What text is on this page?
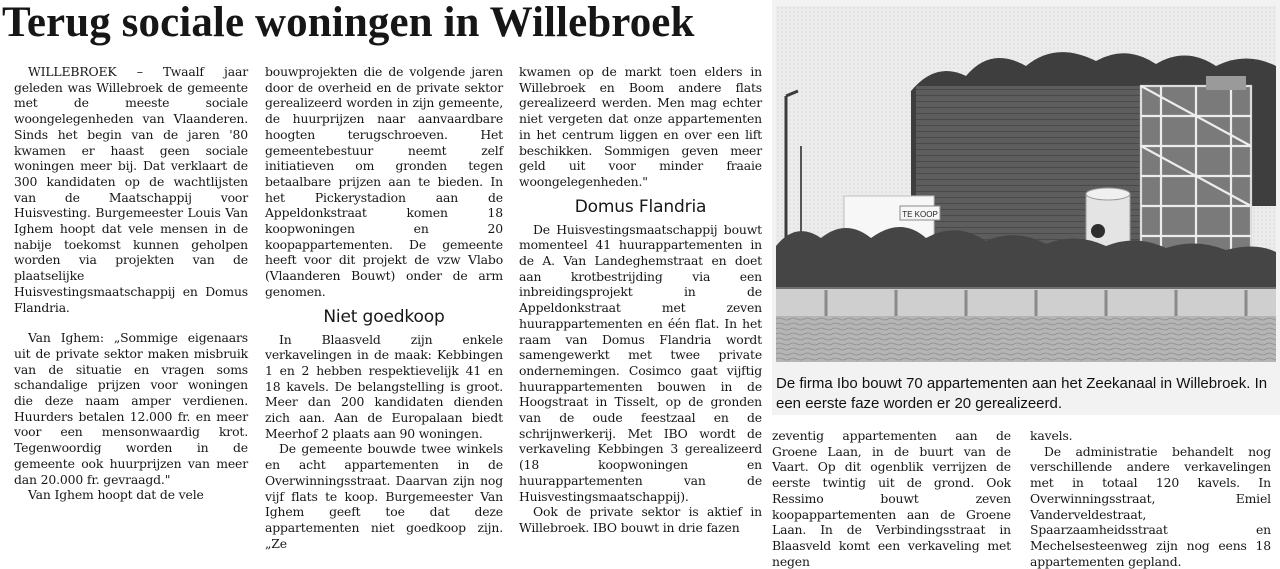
Terug sociale woningen in Willebroek

WILLEBROEK – Twaalf jaar geleden was Willebroek de gemeente met de meeste sociale woongelegenheden van Vlaanderen. Sinds het begin van de jaren '80 kwamen er haast geen sociale woningen meer bij. Dat verklaart de 300 kandidaten op de wachtlijsten van de Maatschappij voor Huisvesting. Burgemeester Louis Van Ighem hoopt dat vele mensen in de nabije toekomst kunnen geholpen worden via projekten van de plaatselijke Huisvestingsmaatschappij en Domus Flandria.

Van Ighem: „Sommige eigenaars uit de private sektor maken misbruik van de situatie en vragen soms schandalige prijzen voor woningen die deze naam amper verdienen. Huurders betalen 12.000 fr. en meer voor een mensonwaardig krot. Tegenwoordig worden in de gemeente ook huurprijzen van meer dan 20.000 fr. gevraagd."

Van Ighem hoopt dat de vele

bouwprojekten die de volgende jaren door de overheid en de private sektor gerealizeerd worden in zijn gemeente, de huurprijzen naar aanvaardbare hoogten terugschroeven. Het gemeentebestuur neemt zelf initiatieven om gronden tegen betaalbare prijzen aan te bieden. In het Pickerystadion aan de Appeldonkstraat komen 18 koopwoningen en 20 koopappartementen. De gemeente heeft voor dit projekt de vzw Vlabo (Vlaanderen Bouwt) onder de arm genomen.

Niet goedkoop

In Blaasveld zijn enkele verkavelingen in de maak: Kebbingen 1 en 2 hebben respektievelijk 41 en 18 kavels. De belangstelling is groot. Meer dan 200 kandidaten dienden zich aan. Aan de Europalaan biedt Meerhof 2 plaats aan 90 woningen.

De gemeente bouwde twee winkels en acht appartementen in de Overwinningsstraat. Daarvan zijn nog vijf flats te koop. Burgemeester Van Ighem geeft toe dat deze appartementen niet goedkoop zijn. „Ze

kwamen op de markt toen elders in Willebroek en Boom andere flats gerealizeerd werden. Men mag echter niet vergeten dat onze appartementen in het centrum liggen en over een lift beschikken. Sommigen geven meer geld uit voor minder fraaie woongelegenheden."

Domus Flandria

De Huisvestingsmaatschappij bouwt momenteel 41 huurappartementen in de A. Van Landeghemstraat en doet aan krotbestrijding via een inbreidingsprojekt in de Appeldonkstraat met zeven huurappartementen en één flat. In het raam van Domus Flandria wordt samengewerkt met twee private ondernemingen. Cosimco gaat vijftig huurappartementen bouwen in de Hoogstraat in Tisselt, op de gronden van de oude feestzaal en de schrijnwerkerij. Met IBO wordt de verkaveling Kebbingen 3 gerealizeerd (18 koopwoningen en huurappartementen van de Huisvestingsmaatschappij).

Ook de private sektor is aktief in Willebroek. IBO bouwt in drie fazen

TE KOOP
De firma Ibo bouwt 70 appartementen aan het Zeekanaal in Willebroek. In een eerste faze worden er 20 gerealizeerd.

zeventig appartementen aan de Groene Laan, in de buurt van de Vaart. Op dit ogenblik verrijzen de eerste twintig uit de grond. Ook Ressimo bouwt zeven koopappartementen aan de Groene Laan. In de Verbindingsstraat in Blaasveld komt een verkaveling met negen

kavels.

De administratie behandelt nog verschillende andere verkavelingen met in totaal 120 kavels. In Overwinningsstraat, Emiel Vanderveldestraat, Spaarzaamheidsstraat en Mechelsesteenweg zijn nog eens 18 appartementen gepland.
